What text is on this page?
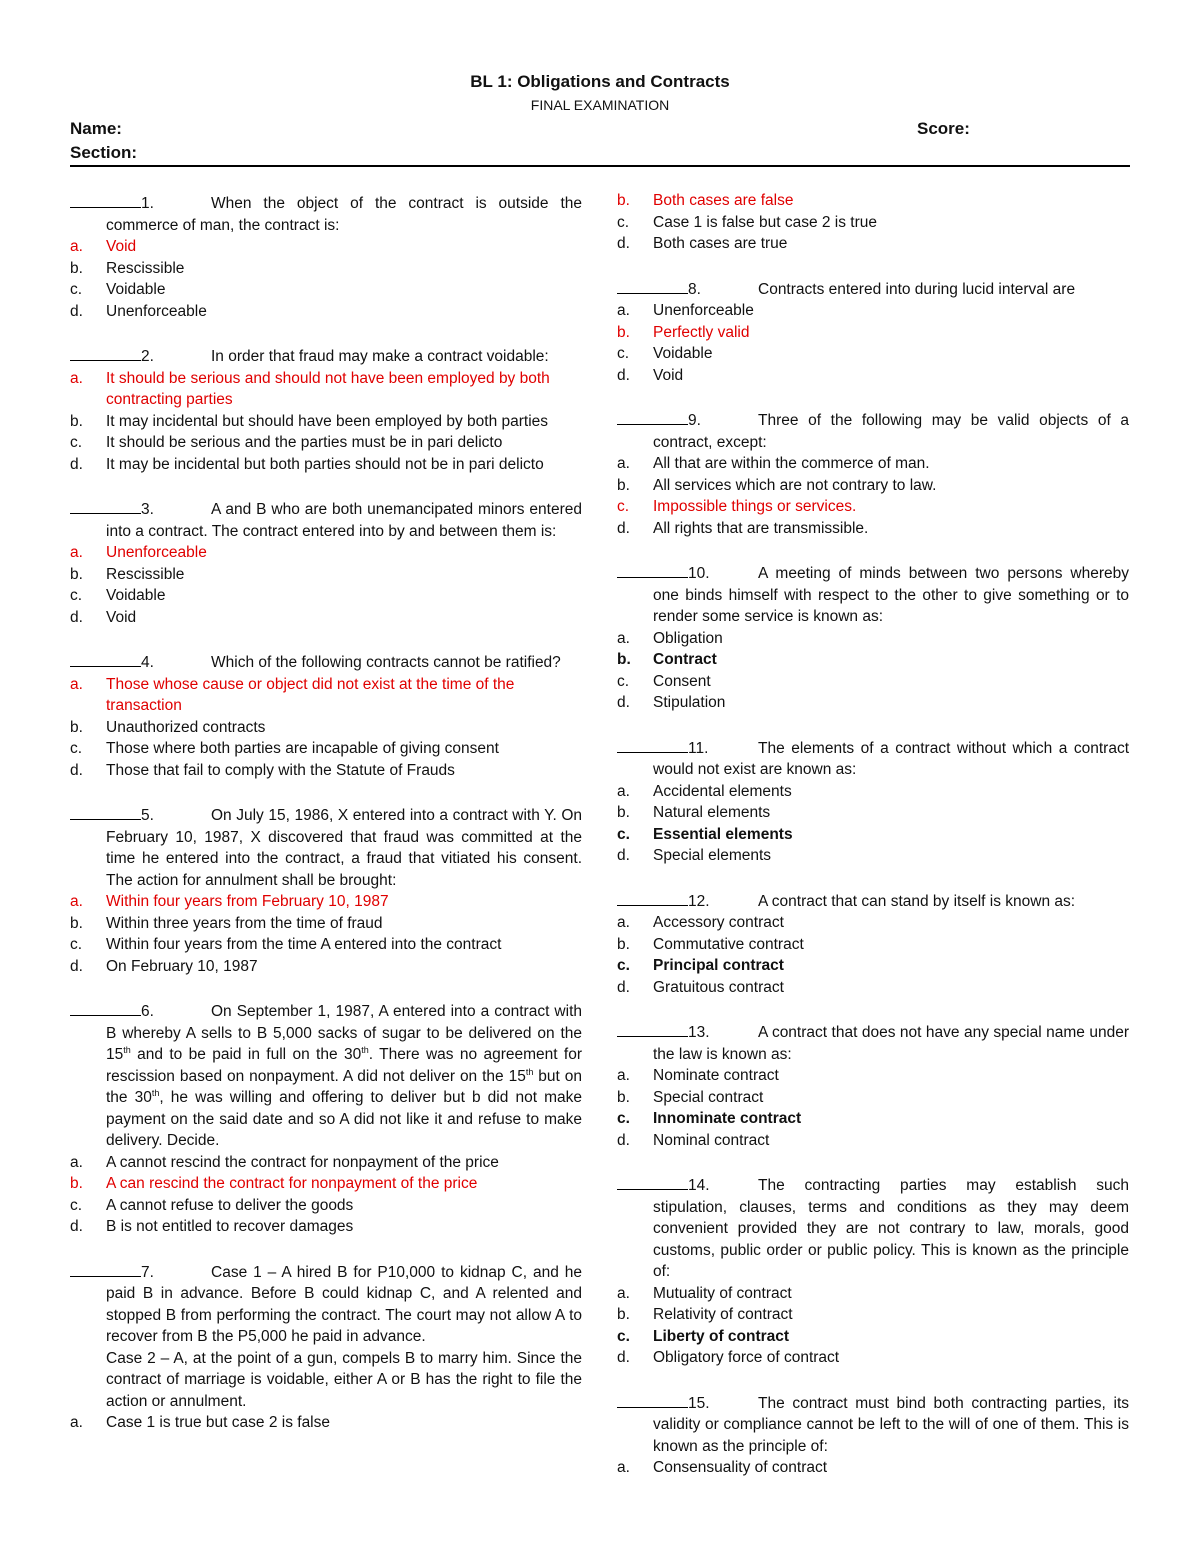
BL 1: Obligations and Contracts
FINAL EXAMINATION
Name:	Score:
Section:
1.	When the object of the contract is outside the commerce of man, the contract is:
a.	Void
b.	Rescissible
c.	Voidable
d.	Unenforceable
2.	In order that fraud may make a contract voidable:
a.	It should be serious and should not have been employed by both contracting parties
b.	It may incidental but should have been employed by both parties
c.	It should be serious and the parties must be in pari delicto
d.	It may be incidental but both parties should not be in pari delicto
3.	A and B who are both unemancipated minors entered into a contract. The contract entered into by and between them is:
a.	Unenforceable
b.	Rescissible
c.	Voidable
d.	Void
4.	Which of the following contracts cannot be ratified?
a.	Those whose cause or object did not exist at the time of the transaction
b.	Unauthorized contracts
c.	Those where both parties are incapable of giving consent
d.	Those that fail to comply with the Statute of Frauds
5.	On July 15, 1986, X entered into a contract with Y. On February 10, 1987, X discovered that fraud was committed at the time he entered into the contract, a fraud that vitiated his consent. The action for annulment shall be brought:
a.	Within four years from February 10, 1987
b.	Within three years from the time of fraud
c.	Within four years from the time A entered into the contract
d.	On February 10, 1987
6.	On September 1, 1987, A entered into a contract with B whereby A sells to B 5,000 sacks of sugar to be delivered on the 15th and to be paid in full on the 30th. There was no agreement for rescission based on nonpayment. A did not deliver on the 15th but on the 30th, he was willing and offering to deliver but b did not make payment on the said date and so A did not like it and refuse to make delivery. Decide.
a.	A cannot rescind the contract for nonpayment of the price
b.	A can rescind the contract for nonpayment of the price
c.	A cannot refuse to deliver the goods
d.	B is not entitled to recover damages
7.	Case 1 – A hired B for P10,000 to kidnap C, and he paid B in advance. Before B could kidnap C, and A relented and stopped B from performing the contract. The court may not allow A to recover from B the P5,000 he paid in advance.
Case 2 – A, at the point of a gun, compels B to marry him. Since the contract of marriage is voidable, either A or B has the right to file the action or annulment.
a.	Case 1 is true but case 2 is false
b.	Both cases are false
c.	Case 1 is false but case 2 is true
d.	Both cases are true
8.	Contracts entered into during lucid interval are
a.	Unenforceable
b.	Perfectly valid
c.	Voidable
d.	Void
9.	Three of the following may be valid objects of a contract, except:
a.	All that are within the commerce of man.
b.	All services which are not contrary to law.
c.	Impossible things or services.
d.	All rights that are transmissible.
10.	A meeting of minds between two persons whereby one binds himself with respect to the other to give something or to render some service is known as:
a.	Obligation
b.	Contract
c.	Consent
d.	Stipulation
11.	The elements of a contract without which a contract would not exist are known as:
a.	Accidental elements
b.	Natural elements
c.	Essential elements
d.	Special elements
12.	A contract that can stand by itself is known as:
a.	Accessory contract
b.	Commutative contract
c.	Principal contract
d.	Gratuitous contract
13.	A contract that does not have any special name under the law is known as:
a.	Nominate contract
b.	Special contract
c.	Innominate contract
d.	Nominal contract
14.	The contracting parties may establish such stipulation, clauses, terms and conditions as they may deem convenient provided they are not contrary to law, morals, good customs, public order or public policy. This is known as the principle of:
a.	Mutuality of contract
b.	Relativity of contract
c.	Liberty of contract
d.	Obligatory force of contract
15.	The contract must bind both contracting parties, its validity or compliance cannot be left to the will of one of them. This is known as the principle of:
a.	Consensuality of contract
